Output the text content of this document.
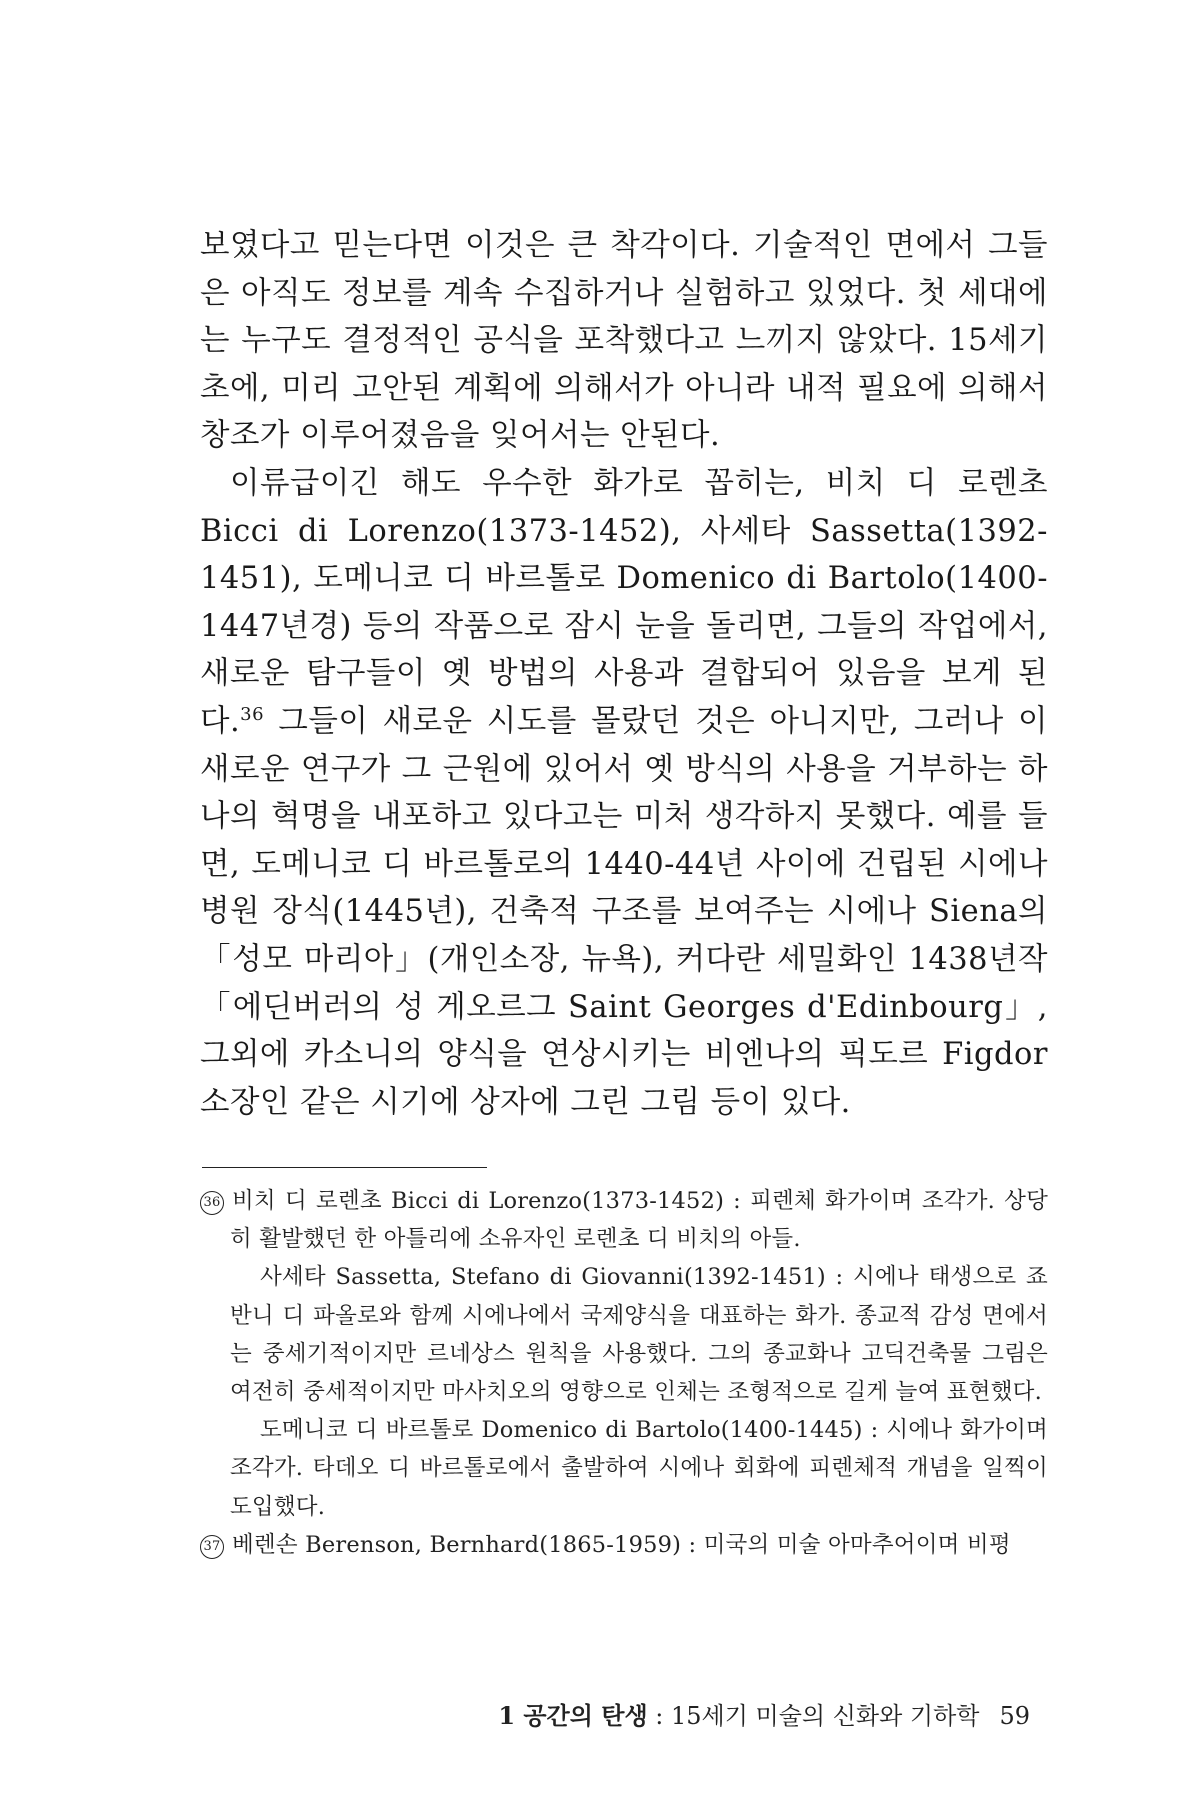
보였다고 믿는다면 이것은 큰 착각이다. 기술적인 면에서 그들은 아직도 정보를 계속 수집하거나 실험하고 있었다. 첫 세대에는 누구도 결정적인 공식을 포착했다고 느끼지 않았다. 15세기 초에, 미리 고안된 계획에 의해서가 아니라 내적 필요에 의해서 창조가 이루어졌음을 잊어서는 안된다.

이류급이긴 해도 우수한 화가로 꼽히는, 비치 디 로렌초 Bicci di Lorenzo(1373-1452), 사세타 Sassetta(1392-1451), 도메니코 디 바르톨로 Domenico di Bartolo(1400-1447년경) 등의 작품으로 잠시 눈을 돌리면, 그들의 작업에서, 새로운 탐구들이 옛 방법의 사용과 결합되어 있음을 보게 된다.$^{36}$ 그들이 새로운 시도를 몰랐던 것은 아니지만, 그러나 이 새로운 연구가 그 근원에 있어서 옛 방식의 사용을 거부하는 하나의 혁명을 내포하고 있다고는 미처 생각하지 못했다. 예를 들면, 도메니코 디 바르톨로의 1440-44년 사이에 건립된 시에나 병원 장식(1445년), 건축적 구조를 보여주는 시에나 Siena의 「성모 마리아」(개인소장, 뉴욕), 커다란 세밀화인 1438년작 「에딘버러의 성 게오르그 Saint Georges d'Edinbourg」, 그외에 카소니의 양식을 연상시키는 비엔나의 픽도르 Figdor 소장인 같은 시기에 상자에 그린 그림 등이 있다.

36 비치 디 로렌초 Bicci di Lorenzo(1373-1452) : 피렌체 화가이며 조각가. 상당히 활발했던 한 아틀리에 소유자인 로렌초 디 비치의 아들.

사세타 Sassetta, Stefano di Giovanni(1392-1451) : 시에나 태생으로 죠반니 디 파올로와 함께 시에나에서 국제양식을 대표하는 화가. 종교적 감성 면에서는 중세기적이지만 르네상스 원칙을 사용했다. 그의 종교화나 고딕건축물 그림은 여전히 중세적이지만 마사치오의 영향으로 인체는 조형적으로 길게 늘여 표현했다.

도메니코 디 바르톨로 Domenico di Bartolo(1400-1445) : 시에나 화가이며 조각가. 타데오 디 바르톨로에서 출발하여 시에나 회화에 피렌체적 개념을 일찍이 도입했다.

37 베렌손 Berenson, Bernhard(1865-1959) : 미국의 미술 아마추어이며 비평

1 공간의 탄생 : 15세기 미술의 신화와 기하학 59
